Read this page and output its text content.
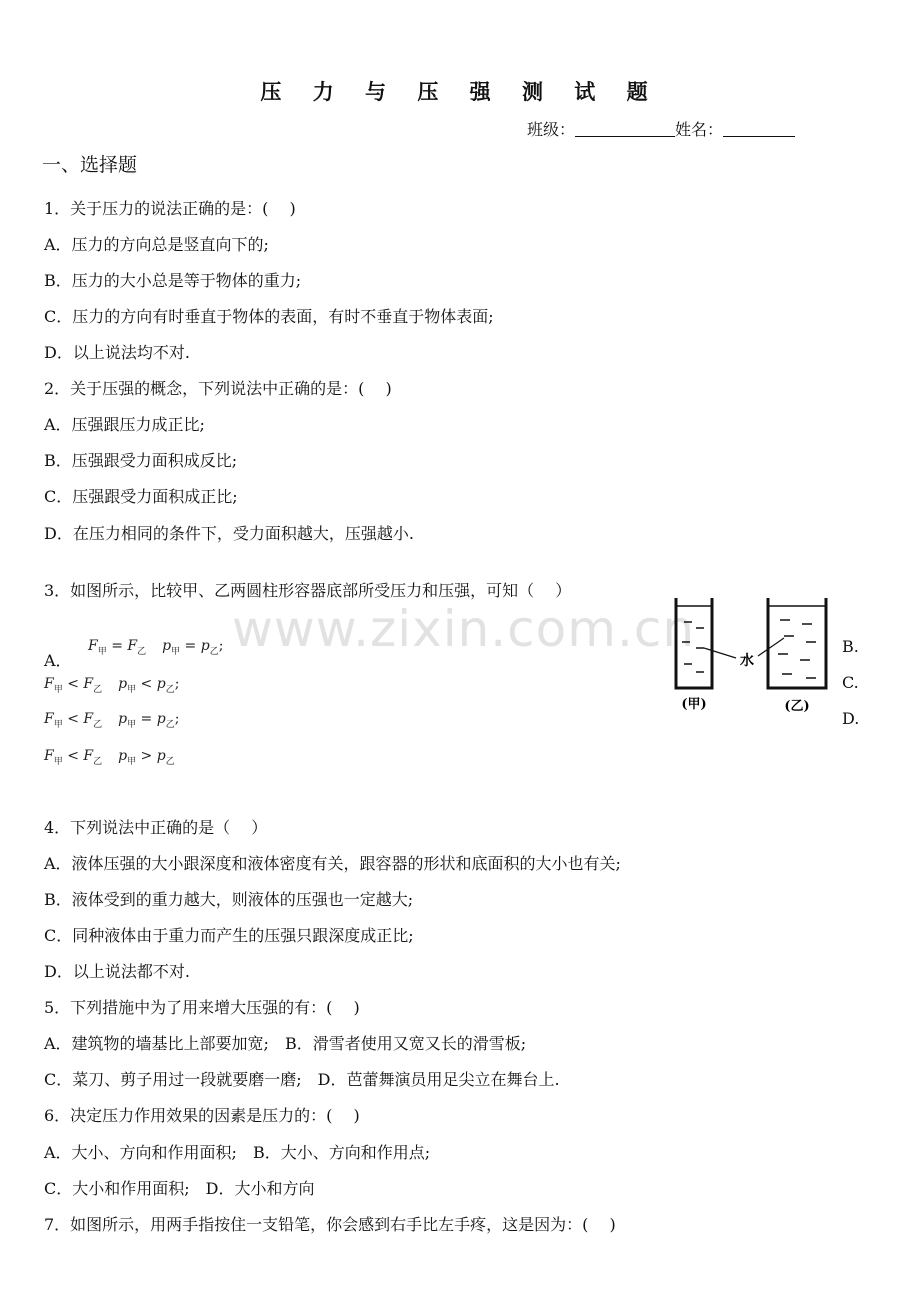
www.zixin.com.cn
压 力 与 压 强 测 试 题
班级：	姓名：
一、选择题
1．关于压力的说法正确的是：(　 )
A．压力的方向总是竖直向下的;
B．压力的大小总是等于物体的重力;
C．压力的方向有时垂直于物体的表面，有时不垂直于物体表面;
D．以上说法均不对.
2．关于压强的概念，下列说法中正确的是：(　 )
A．压强跟压力成正比;
B．压强跟受力面积成反比;
C．压强跟受力面积成正比;
D．在压力相同的条件下，受力面积越大，压强越小.
3．如图所示，比较甲、乙两圆柱形容器底部所受压力和压强，可知（　 ）
A．
$F_甲 = F_乙$ $p_甲 = p_乙$;
$F_甲 < F_乙$ $p_甲 < p_乙$;
$F_甲 < F_乙$ $p_甲 = p_乙$;
$F_甲 < F_乙$ $p_甲 > p_乙$
B.
C.
D.
水
(甲)	(乙)
4．下列说法中正确的是（　 ）
A．液体压强的大小跟深度和液体密度有关，跟容器的形状和底面积的大小也有关;
B．液体受到的重力越大，则液体的压强也一定越大;
C．同种液体由于重力而产生的压强只跟深度成正比;
D．以上说法都不对.
5．下列措施中为了用来增大压强的有：(　 )
A．建筑物的墙基比上部要加宽;　B．滑雪者使用又宽又长的滑雪板;
C．菜刀、剪子用过一段就要磨一磨;　D．芭蕾舞演员用足尖立在舞台上.
6．决定压力作用效果的因素是压力的：(　 )
A．大小、方向和作用面积;　B．大小、方向和作用点;
C．大小和作用面积;　D．大小和方向
7．如图所示，用两手指按住一支铅笔，你会感到右手比左手疼，这是因为：(　 )
